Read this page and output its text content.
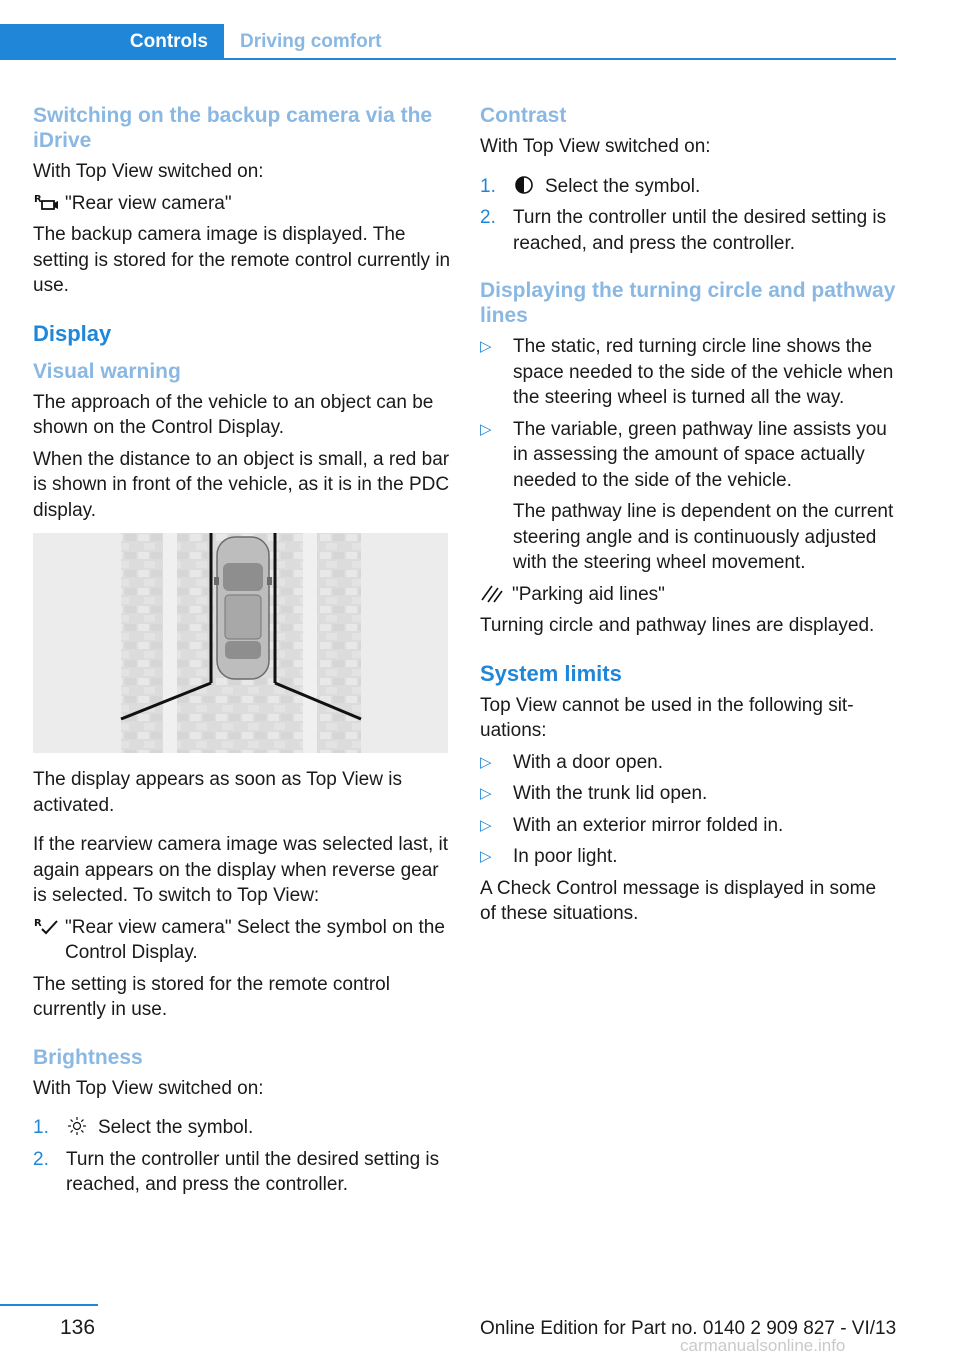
Controls	Driving comfort
Switching on the backup camera via the iDrive
With Top View switched on:
R "Rear view camera"
The backup camera image is displayed. The setting is stored for the remote control currently in use.
Display
Visual warning
The approach of the vehicle to an object can be shown on the Control Display.
When the distance to an object is small, a red bar is shown in front of the vehicle, as it is in the PDC display.
The display appears as soon as Top View is activated.
If the rearview camera image was selected last, it again appears on the display when reverse gear is selected. To switch to Top View:
R "Rear view camera" Select the symbol on the Control Display.
The setting is stored for the remote control currently in use.
Brightness
With Top View switched on:
1.	Select the symbol.
2. Turn the controller until the desired setting is reached, and press the controller.
Contrast
With Top View switched on:
1.	Select the symbol.
2. Turn the controller until the desired setting is reached, and press the controller.
Displaying the turning circle and pathway lines
▷	The static, red turning circle line shows the space needed to the side of the vehicle when the steering wheel is turned all the way.
▷	The variable, green pathway line assists you in assessing the amount of space actually needed to the side of the vehicle.
The pathway line is dependent on the current steering angle and is continuously adjusted with the steering wheel movement.
"Parking aid lines"
Turning circle and pathway lines are displayed.
System limits
Top View cannot be used in the following situations:
▷	With a door open.
▷	With the trunk lid open.
▷	With an exterior mirror folded in.
▷	In poor light.
A Check Control message is displayed in some of these situations.
136	Online Edition for Part no. 0140 2 909 827 - VI/13
carmanualsonline.info
